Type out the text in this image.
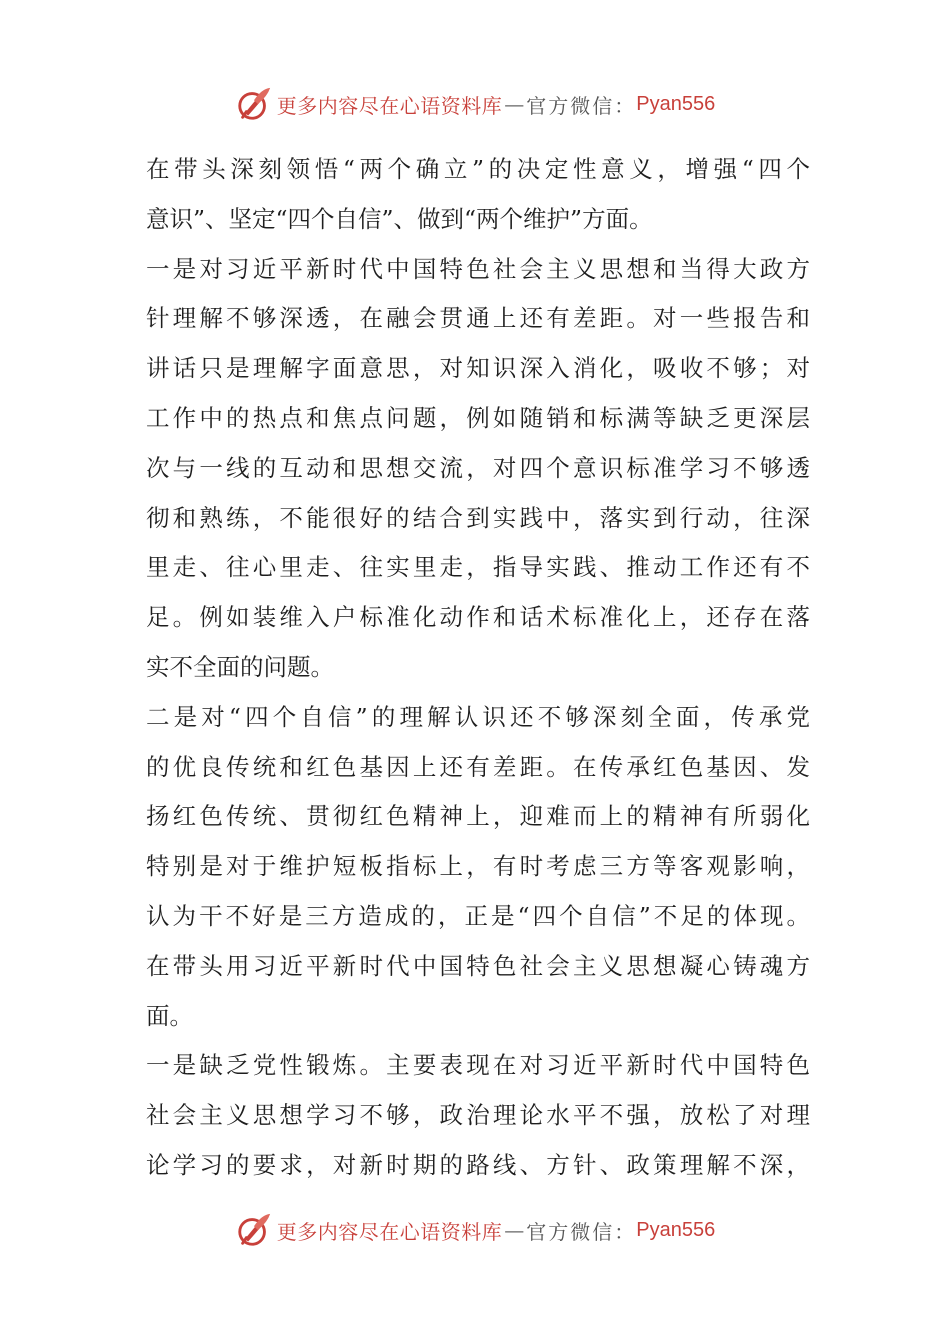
更多内容尽在心语资料库 — 官方微信： Pyan556
在带头深刻领悟“两个确立”的决定性意义，增强“四个
意识”、坚定“四个自信”、做到“两个维护”方面。
一是对习近平新时代中国特色社会主义思想和当得大政方
针理解不够深透，在融会贯通上还有差距。对一些报告和
讲话只是理解字面意思，对知识深入消化，吸收不够；对
工作中的热点和焦点问题，例如随销和标满等缺乏更深层
次与一线的互动和思想交流，对四个意识标准学习不够透
彻和熟练，不能很好的结合到实践中，落实到行动，往深
里走、往心里走、往实里走，指导实践、推动工作还有不
足。例如装维入户标准化动作和话术标准化上，还存在落
实不全面的问题。
二是对“四个自信”的理解认识还不够深刻全面，传承党
的优良传统和红色基因上还有差距。在传承红色基因、发
扬红色传统、贯彻红色精神上，迎难而上的精神有所弱化
特别是对于维护短板指标上，有时考虑三方等客观影响，
认为干不好是三方造成的，正是“四个自信”不足的体现。
在带头用习近平新时代中国特色社会主义思想凝心铸魂方
面。
一是缺乏党性锻炼。主要表现在对习近平新时代中国特色
社会主义思想学习不够，政治理论水平不强，放松了对理
论学习的要求，对新时期的路线、方针、政策理解不深，
更多内容尽在心语资料库 — 官方微信： Pyan556
